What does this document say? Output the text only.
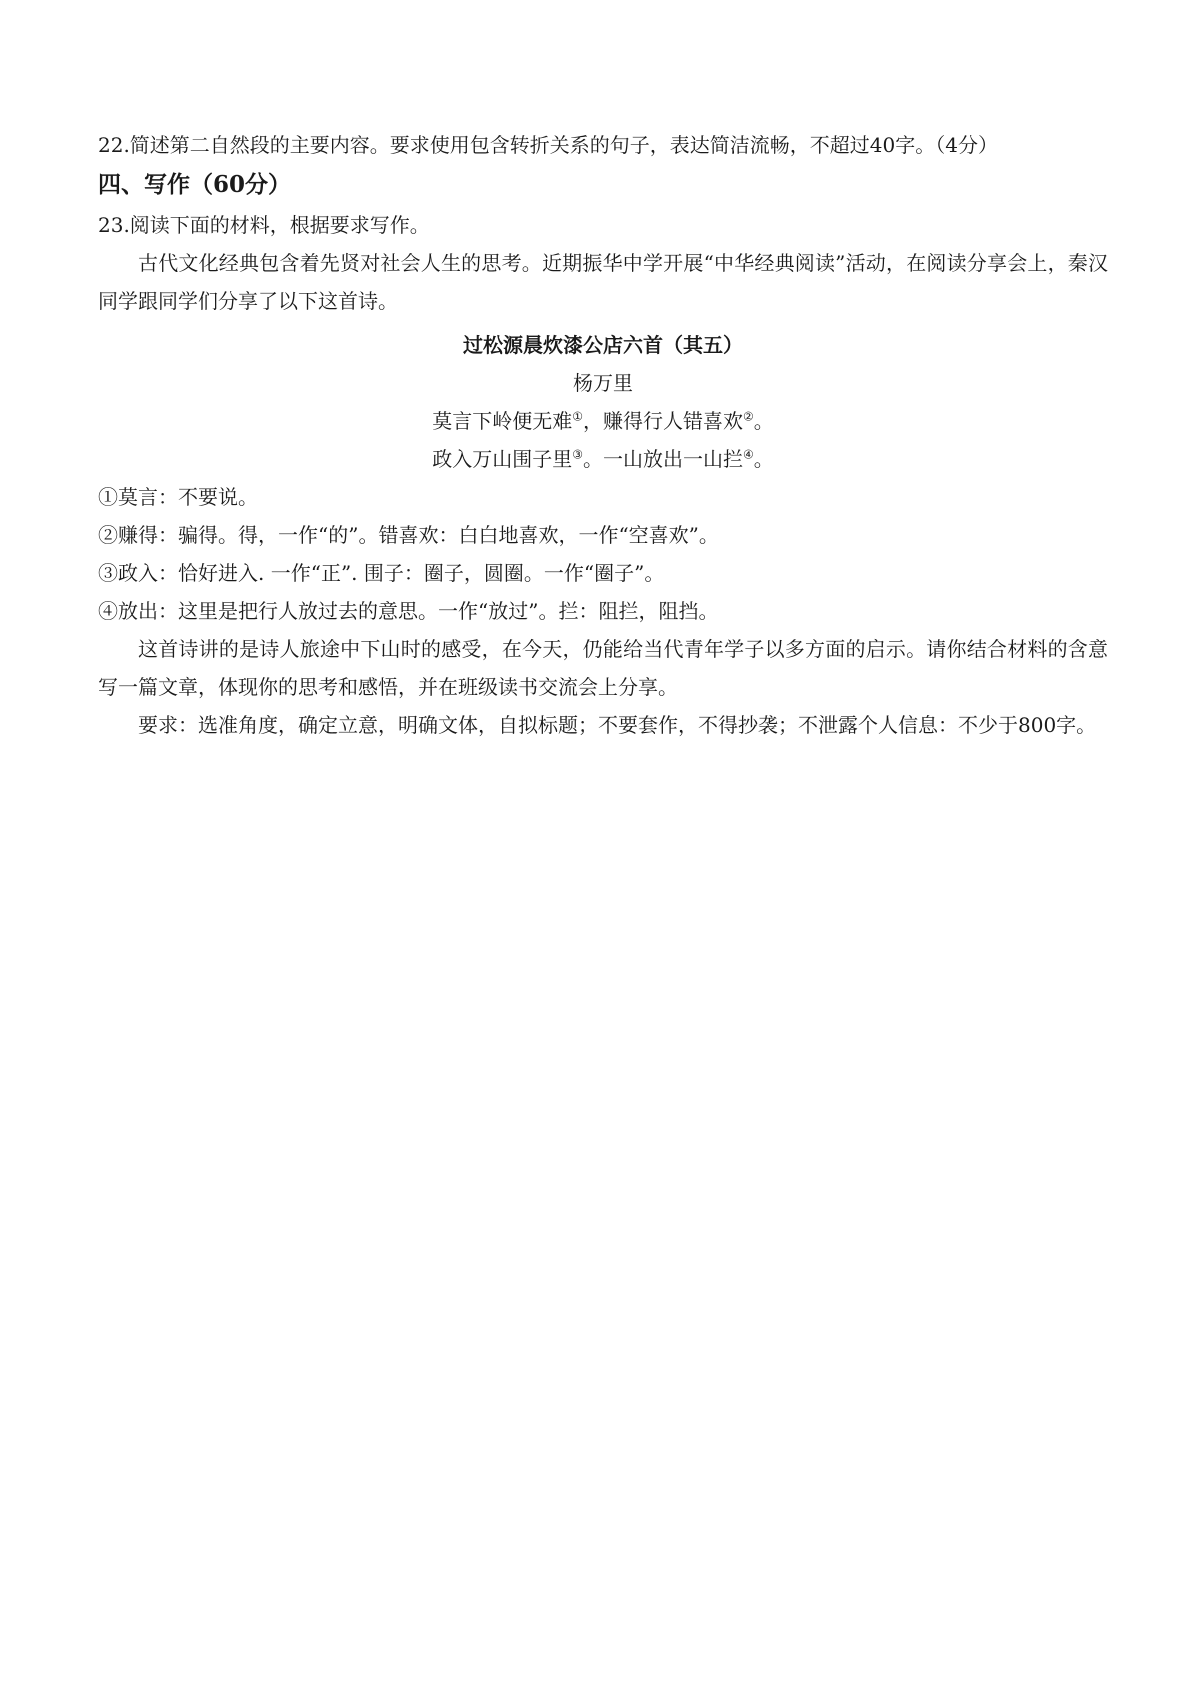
22.简述第二自然段的主要内容。要求使用包含转折关系的句子，表达简洁流畅，不超过40字。（4分）

四、写作（60分）

23.阅读下面的材料，根据要求写作。

古代文化经典包含着先贤对社会人生的思考。近期振华中学开展“中华经典阅读”活动，在阅读分享会上，秦汉同学跟同学们分享了以下这首诗。

过松源晨炊漆公店六首（其五）
杨万里
莫言下岭便无难①，赚得行人错喜欢②。
政入万山围子里③。一山放出一山拦④。

①莫言：不要说。

②赚得：骗得。得，一作“的”。错喜欢：白白地喜欢，一作“空喜欢”。

③政入：恰好进入. 一作“正”. 围子：圈子，圆圈。一作“圈子”。

④放出：这里是把行人放过去的意思。一作“放过”。拦：阻拦，阻挡。

这首诗讲的是诗人旅途中下山时的感受，在今天，仍能给当代青年学子以多方面的启示。请你结合材料的含意写一篇文章，体现你的思考和感悟，并在班级读书交流会上分享。

要求：选准角度，确定立意，明确文体，自拟标题；不要套作，不得抄袭；不泄露个人信息：不少于800字。
